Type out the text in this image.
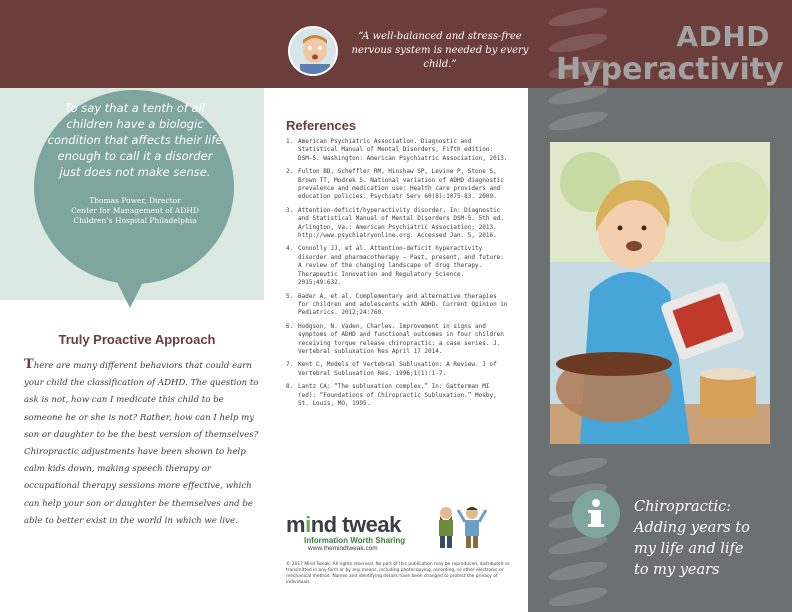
“A well-balanced and stress-free nervous system is needed by every child.”
ADHD
Hyperactivity
To say that a tenth of all children have a biologic condition that affects their life enough to call it a disorder just does not make sense.
Thomas Power, Director
Center for Management of ADHD
Children’s Hospital Philadelphia
Truly Proactive Approach
There are many different behaviors that could earn your child the classification of ADHD. The question to ask is not, how can I medicate this child to be someone he or she is not? Rather, how can I help my son or daughter to be the best version of themselves? Chiropractic adjustments have been shown to help calm kids down, making speech therapy or occupational therapy sessions more effective, which can help your son or daughter be themselves and be able to better exist in the world in which we live.
References
1. American Psychiatric Association. Diagnostic and Statistical Manual of Mental Disorders, Fifth edition: DSM-5. Washington: American Psychiatric Association, 2013.
2. Fulton BD, Scheffler RM, Hinshaw SP, Levine P, Stone S, Brown TT, Modrek S. National variation of ADHD diagnostic prevalence and medication use: Health care providers and education policies. Psychiatr Serv 60(8):1075-83. 2009.
3. Attention-deficit/hyperactivity disorder. In: Diagnostic and Statistical Manual of Mental Disorders DSM-5. 5th ed. Arlington, Va.: American Psychiatric Association; 2013. http://www.psychiatryonline.org. Accessed Jan. 5, 2016.
4. Connolly JJ, et al. Attention-deficit hyperactivity disorder and pharmacotherapy — Past, present, and future: A review of the changing landscape of drug therapy. Therapeutic Innovation and Regulatory Science. 2015;49:632.
5. Bader A, et al. Complementary and alternative therapies for children and adolescents with ADHD. Current Opinion in Pediatrics. 2012;24:760.
6. Hodgson, N. Vaden, Charles. Improvement in signs and symptoms of ADHD and functional outcomes in four children receiving torque release chiropractic: a case series. J. Vertebral subluxation Res April 17 2014.
7. Kent C, Models of Vertebral Subluxation: A Review. J of Vertebral Subluxation Res. 1996;1(1):1-7.
8. Lantz CA: “The subluxation complex.” In: Gatterman MI (ed): “Foundations of Chiropractic Subluxation.” Mosby, St. Louis, MO, 1995.
mind tweak
Information Worth Sharing
www.themindtweak.com
© 2017 Mind Tweak. All rights reserved. No part of this publication may be reproduced, distributed or transmitted in any form or by any means, including photocopying, recording, or other electronic or mechanical method. Names and identifying details have been changed to protect the privacy of individuals.
Chiropractic:
Adding years to
my life and life
to my years
